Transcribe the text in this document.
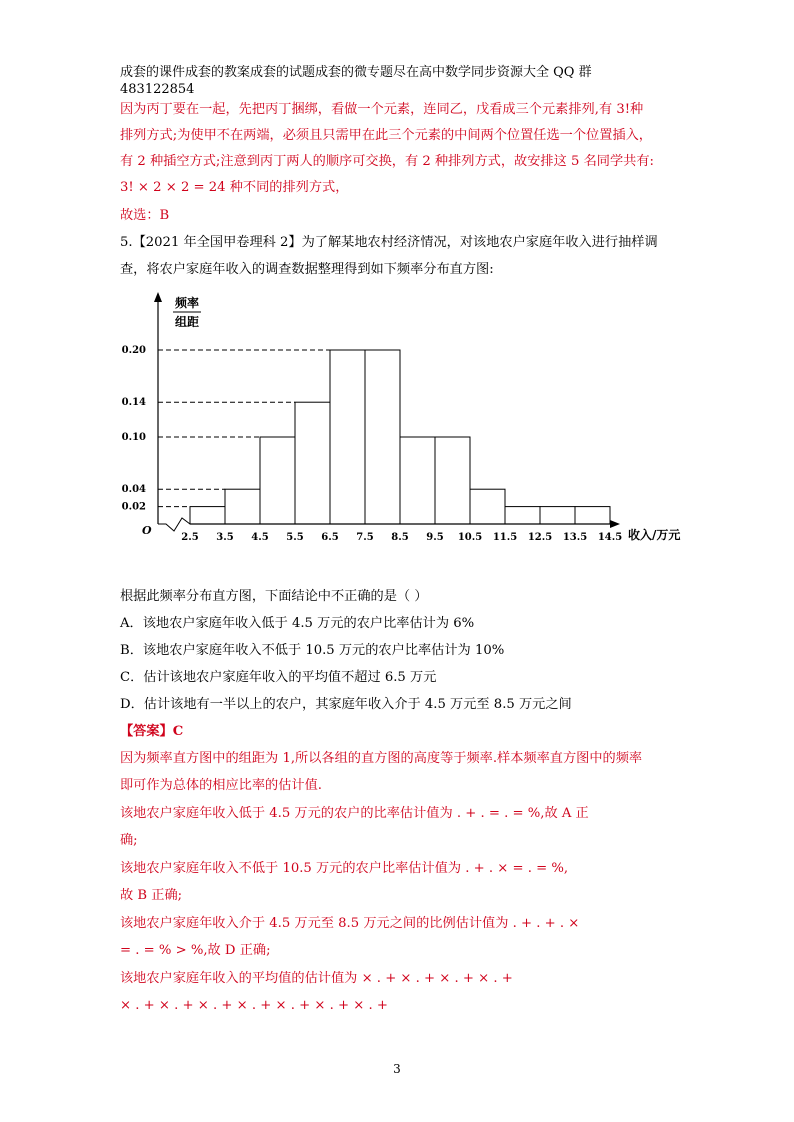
成套的课件成套的教案成套的试题成套的微专题尽在高中数学同步资源大全 QQ 群
483122854
因为丙丁要在一起，先把丙丁捆绑，看做一个元素，连同乙，戊看成三个元素排列,有 3!种
排列方式;为使甲不在两端，必须且只需甲在此三个元素的中间两个位置任选一个位置插入，
有 2 种插空方式;注意到丙丁两人的顺序可交换，有 2 种排列方式，故安排这 5 名同学共有:
3! × 2 × 2 = 24 种不同的排列方式，
故选：B
5.【2021 年全国甲卷理科 2】为了解某地农村经济情况，对该地农户家庭年收入进行抽样调
查，将农户家庭年收入的调查数据整理得到如下频率分布直方图:
频率
组距
O	收入/万元
0.02
0.04
0.10
0.14
0.20
2.5 3.5 4.5 5.5 6.5 7.5 8.5 9.5 10.5 11.5 12.5 13.5 14.5
根据此频率分布直方图，下面结论中不正确的是（ ）
A．该地农户家庭年收入低于 4.5 万元的农户比率估计为 6%
B．该地农户家庭年收入不低于 10.5 万元的农户比率估计为 10%
C．估计该地农户家庭年收入的平均值不超过 6.5 万元
D．估计该地有一半以上的农户，其家庭年收入介于 4.5 万元至 8.5 万元之间
【答案】C
因为频率直方图中的组距为 1,所以各组的直方图的高度等于频率.样本频率直方图中的频率
即可作为总体的相应比率的估计值.
该地农户家庭年收入低于 4.5 万元的农户的比率估计值为 . + . = . = %,故 A 正
确;
该地农户家庭年收入不低于 10.5 万元的农户比率估计值为 . + . × = . = %,
故 B 正确;
该地农户家庭年收入介于 4.5 万元至 8.5 万元之间的比例估计值为 . + . + . ×
= . = % > %,故 D 正确;
该地农户家庭年收入的平均值的估计值为 × . + × . + × . + × . +
× . + × . + × . + × . + × . + × . + × . +
3
